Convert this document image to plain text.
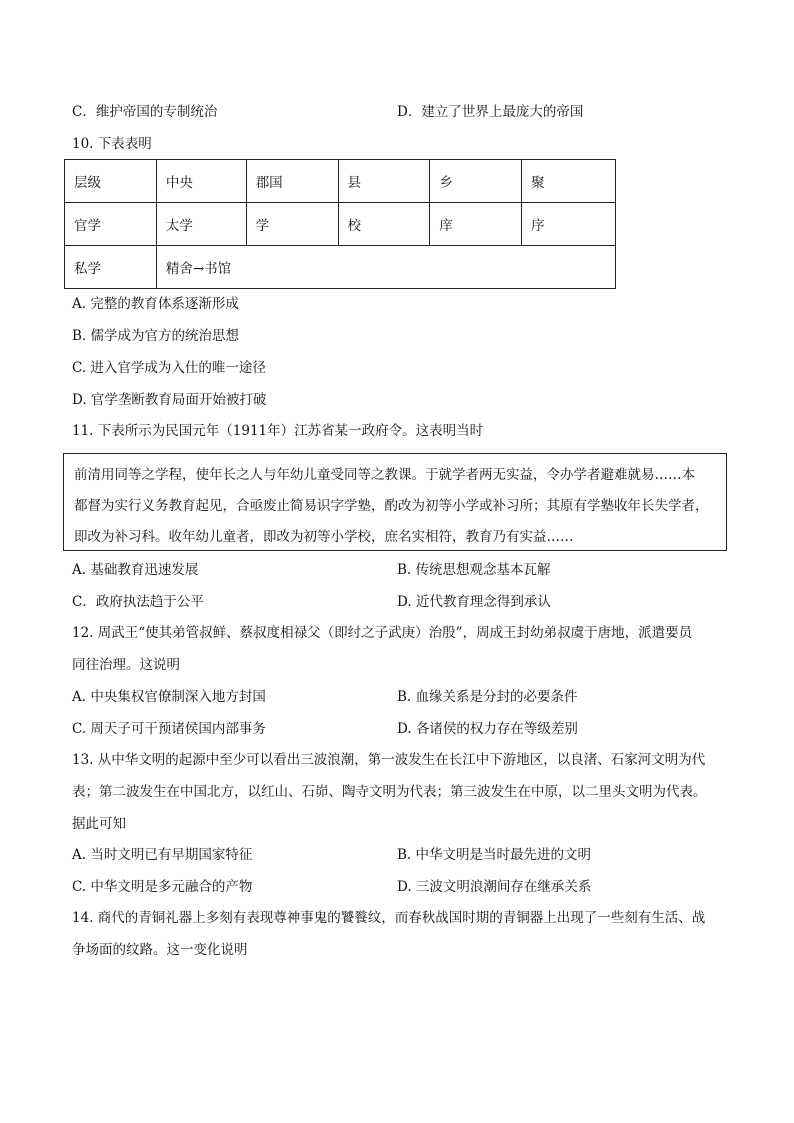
C．维护帝国的专制统治	D．建立了世界上最庞大的帝国
10. 下表表明
层级	中央	郡国	县	乡	聚
官学	太学	学	校	庠	序
私学	精舍→书馆				
A. 完整的教育体系逐渐形成
B. 儒学成为官方的统治思想
C. 进入官学成为入仕的唯一途径
D. 官学垄断教育局面开始被打破
11. 下表所示为民国元年（1911年）江苏省某一政府令。这表明当时
前清用同等之学程，使年长之人与年幼儿童受同等之教课。于就学者两无实益，令办学者避难就易……本
都督为实行义务教育起见，合亟废止简易识字学塾，酌改为初等小学或补习所；其原有学塾收年长失学者，
即改为补习科。收年幼儿童者，即改为初等小学校，庶名实相符，教育乃有实益……
A. 基础教育迅速发展	B. 传统思想观念基本瓦解
C．政府执法趋于公平	D. 近代教育理念得到承认
12. 周武王“使其弟管叔鲜、蔡叔度相禄父（即纣之子武庚）治殷”，周成王封幼弟叔虞于唐地，派遣要员
同往治理。这说明
A. 中央集权官僚制深入地方封国	B. 血缘关系是分封的必要条件
C. 周天子可干预诸侯国内部事务	D. 各诸侯的权力存在等级差别
13. 从中华文明的起源中至少可以看出三波浪潮，第一波发生在长江中下游地区，以良渚、石家河文明为代
表；第二波发生在中国北方，以红山、石峁、陶寺文明为代表；第三波发生在中原，以二里头文明为代表。
据此可知
A. 当时文明已有早期国家特征	B. 中华文明是当时最先进的文明
C. 中华文明是多元融合的产物	D. 三波文明浪潮间存在继承关系
14. 商代的青铜礼器上多刻有表现尊神事鬼的饕餮纹，而春秋战国时期的青铜器上出现了一些刻有生活、战
争场面的纹路。这一变化说明
